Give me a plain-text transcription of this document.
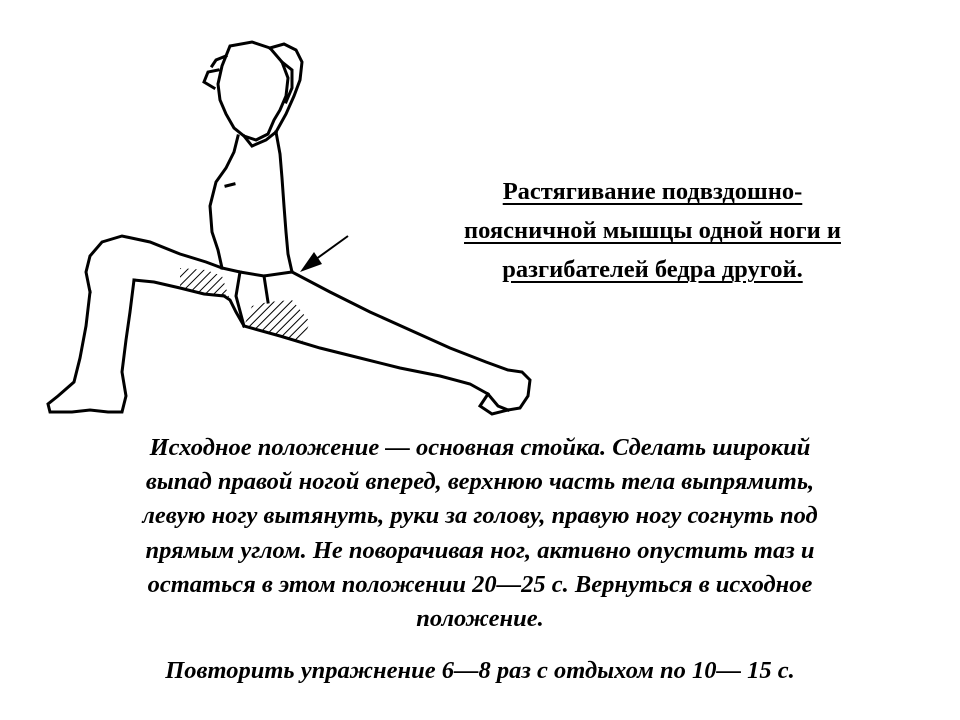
Растягивание подвздошно-
поясничной мышцы одной ноги и
разгибателей бедра другой.
Исходное положение — основная стойка. Сделать широкий
выпад правой ногой вперед, верхнюю часть тела выпрямить,
левую ногу вытянуть, руки за голову, правую ногу согнуть под
прямым углом. Не поворачивая ног, активно опустить таз и
остаться в этом положении 20—25 с. Вернуться в исходное
положение.
Повторить упражнение 6—8 раз с отдыхом по 10— 15 с.
